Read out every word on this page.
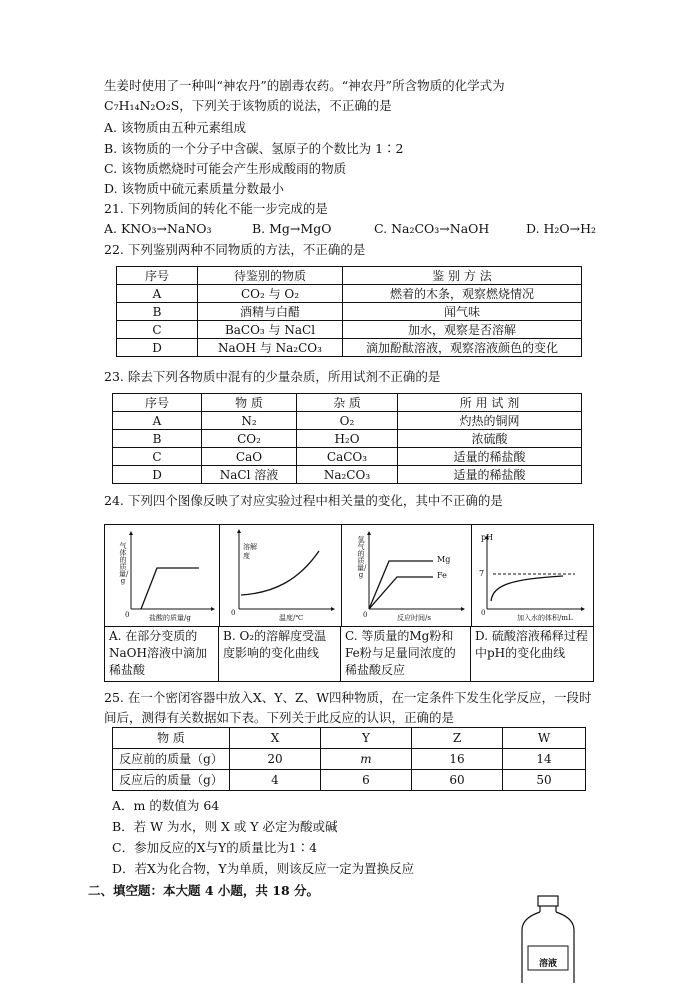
生姜时使用了一种叫“神农丹”的剧毒农药。“神农丹”所含物质的化学式为
C₇H₁₄N₂O₂S，下列关于该物质的说法，不正确的是
A. 该物质由五种元素组成
B. 该物质的一个分子中含碳、氢原子的个数比为 1∶2
C. 该物质燃烧时可能会产生形成酸雨的物质
D. 该物质中硫元素质量分数最小
21. 下列物质间的转化不能一步完成的是
A. KNO₃→NaNO₃	B. Mg→MgO	C. Na₂CO₃→NaOH	D. H₂O→H₂
22. 下列鉴别两种不同物质的方法，不正确的是
序号	待鉴别的物质	鉴 别 方 法
A	CO₂ 与 O₂	燃着的木条，观察燃烧情况
B	酒精与白醋	闻气味
C	BaCO₃ 与 NaCl	加水，观察是否溶解
D	NaOH 与 Na₂CO₃	滴加酚酞溶液，观察溶液颜色的变化
23. 除去下列各物质中混有的少量杂质，所用试剂不正确的是
序号	物 质	杂 质	所 用 试 剂
A	N₂	O₂	灼热的铜网
B	CO₂	H₂O	浓硫酸
C	CaO	CaCO₃	适量的稀盐酸
D	NaCl 溶液	Na₂CO₃	适量的稀盐酸
24. 下列四个图像反映了对应实验过程中相关量的变化，其中不正确的是
气体的质量/g
盐酸的质量/g
0
A. 在部分变质的NaOH溶液中滴加稀盐酸
溶解度
温度/℃
0
B. O₂的溶解度受温度影响的变化曲线
氢气的质量/g
Mg
Fe
反应时间/s
0
C. 等质量的Mg粉和Fe粉与足量同浓度的稀盐酸反应
pH
7
加入水的体积/mL
0
D. 硫酸溶液稀释过程中pH的变化曲线
25. 在一个密闭容器中放入X、Y、Z、W四种物质，在一定条件下发生化学反应，一段时
间后，测得有关数据如下表。下列关于此反应的认识，正确的是
物 质	X	Y	Z	W
反应前的质量（g）	20	m	16	14
反应后的质量（g）	4	6	60	50
A．m 的数值为 64
B．若 W 为水，则 X 或 Y 必定为酸或碱
C．参加反应的X与Y的质量比为1∶4
D．若X为化合物，Y为单质，则该反应一定为置换反应
二、填空题：本大题 4 小题，共 18 分。
溶液
